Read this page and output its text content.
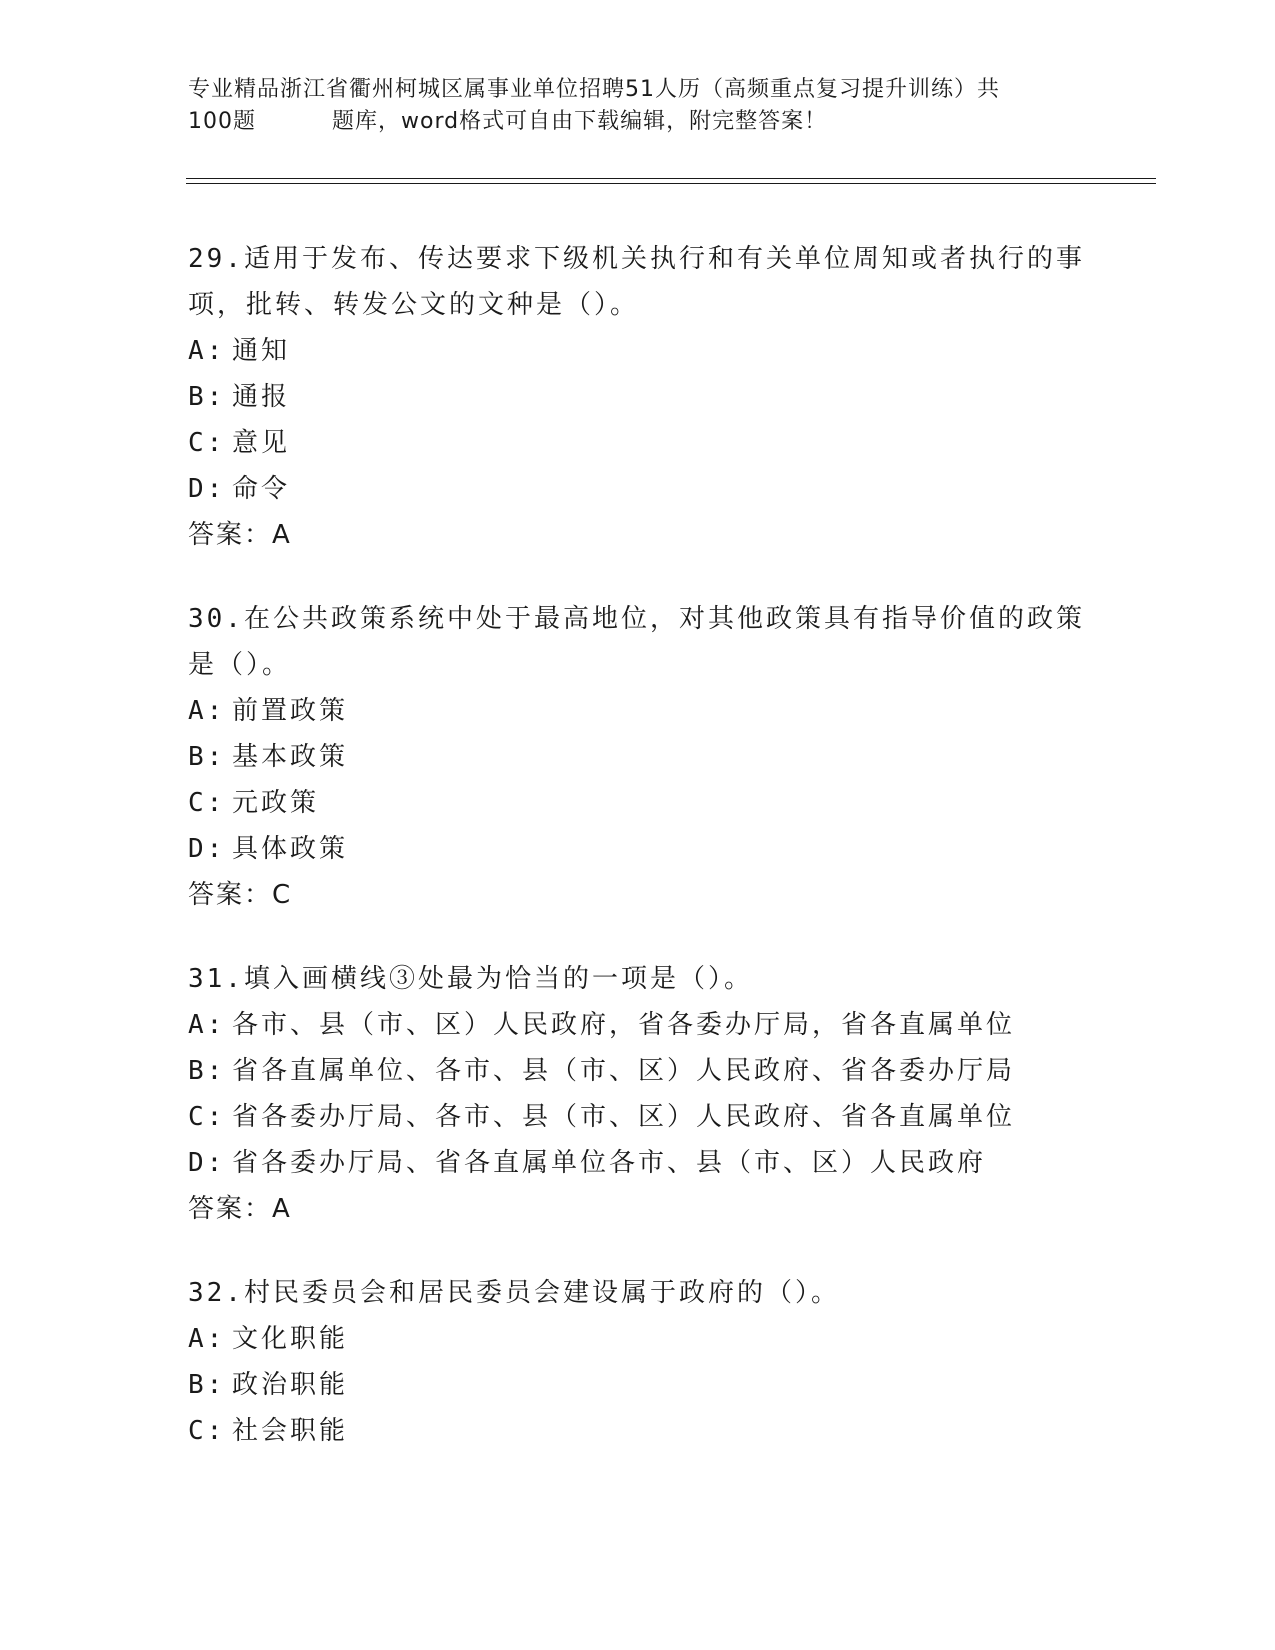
专业精品浙江省衢州柯城区属事业单位招聘51人历（高频重点复习提升训练）共
100题	题库，word格式可自由下载编辑，附完整答案！
29.适用于发布、传达要求下级机关执行和有关单位周知或者执行的事项，批转、转发公文的文种是（）。
A: 通知
B: 通报
C: 意见
D: 命令
答案：A
30.在公共政策系统中处于最高地位，对其他政策具有指导价值的政策是（）。
A: 前置政策
B: 基本政策
C: 元政策
D: 具体政策
答案：C
31.填入画横线③处最为恰当的一项是（）。
A: 各市、县（市、区）人民政府，省各委办厅局，省各直属单位
B: 省各直属单位、各市、县（市、区）人民政府、省各委办厅局
C: 省各委办厅局、各市、县（市、区）人民政府、省各直属单位
D: 省各委办厅局、省各直属单位各市、县（市、区）人民政府
答案：A
32.村民委员会和居民委员会建设属于政府的（）。
A: 文化职能
B: 政治职能
C: 社会职能
